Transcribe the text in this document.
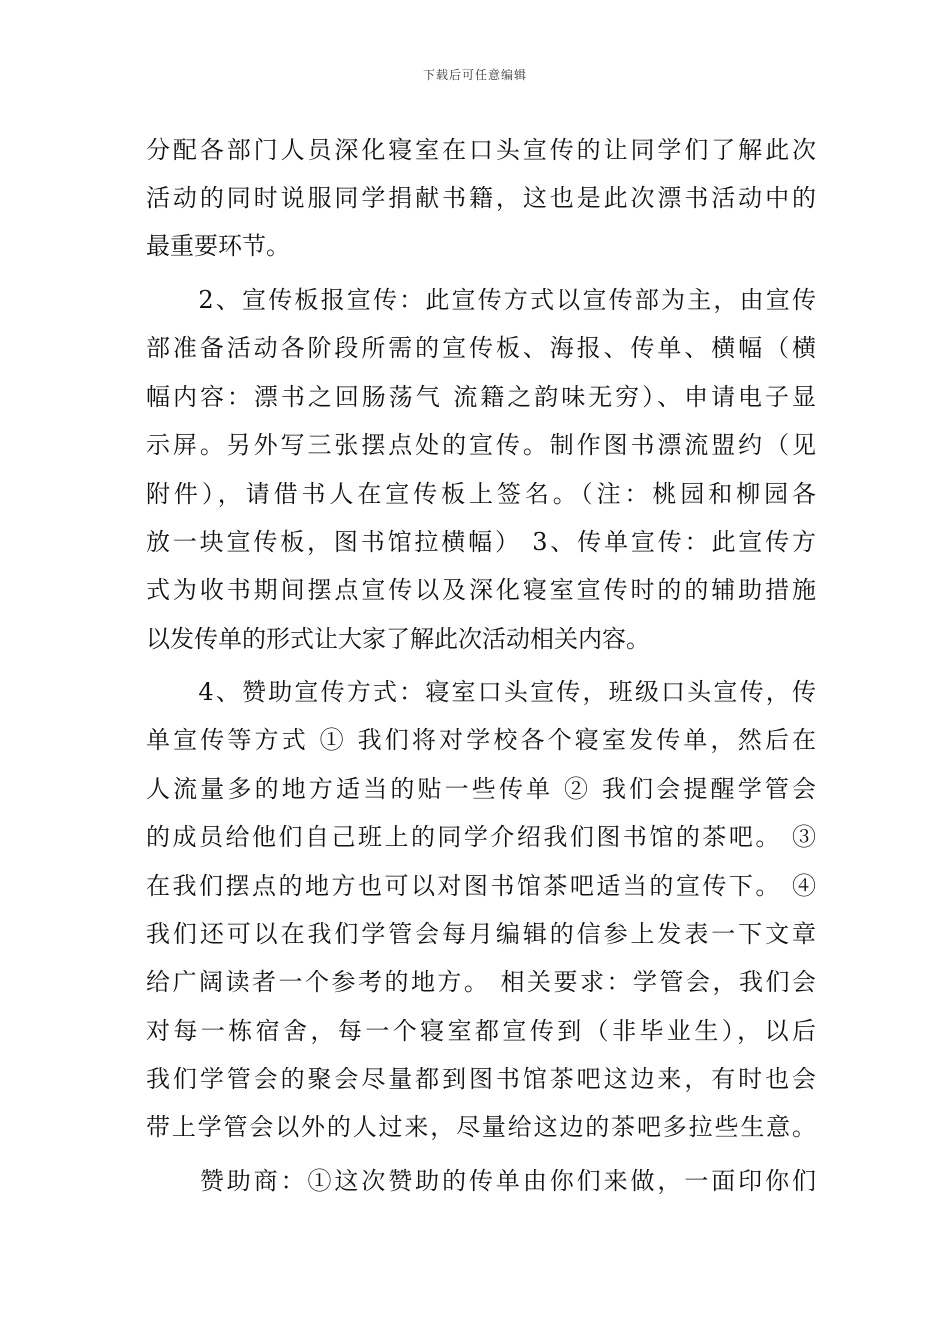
下载后可任意编辑
分配各部门人员深化寝室在口头宣传的让同学们了解此次
活动的同时说服同学捐献书籍，这也是此次漂书活动中的
最重要环节。
　　2、宣传板报宣传：此宣传方式以宣传部为主，由宣传
部准备活动各阶段所需的宣传板、海报、传单、横幅（横
幅内容：漂书之回肠荡气 流籍之韵味无穷）、申请电子显
示屏。另外写三张摆点处的宣传。制作图书漂流盟约（见
附件），请借书人在宣传板上签名。（注：桃园和柳园各
放一块宣传板，图书馆拉横幅） 3、传单宣传：此宣传方
式为收书期间摆点宣传以及深化寝室宣传时的的辅助措施
以发传单的形式让大家了解此次活动相关内容。
　　4、赞助宣传方式：寝室口头宣传，班级口头宣传，传
单宣传等方式 ① 我们将对学校各个寝室发传单，然后在
人流量多的地方适当的贴一些传单 ② 我们会提醒学管会
的成员给他们自己班上的同学介绍我们图书馆的茶吧。 ③
在我们摆点的地方也可以对图书馆茶吧适当的宣传下。 ④
我们还可以在我们学管会每月编辑的信参上发表一下文章
给广阔读者一个参考的地方。 相关要求：学管会，我们会
对每一栋宿舍，每一个寝室都宣传到（非毕业生），以后
我们学管会的聚会尽量都到图书馆茶吧这边来，有时也会
带上学管会以外的人过来，尽量给这边的茶吧多拉些生意。
　　赞助商：①这次赞助的传单由你们来做，一面印你们
